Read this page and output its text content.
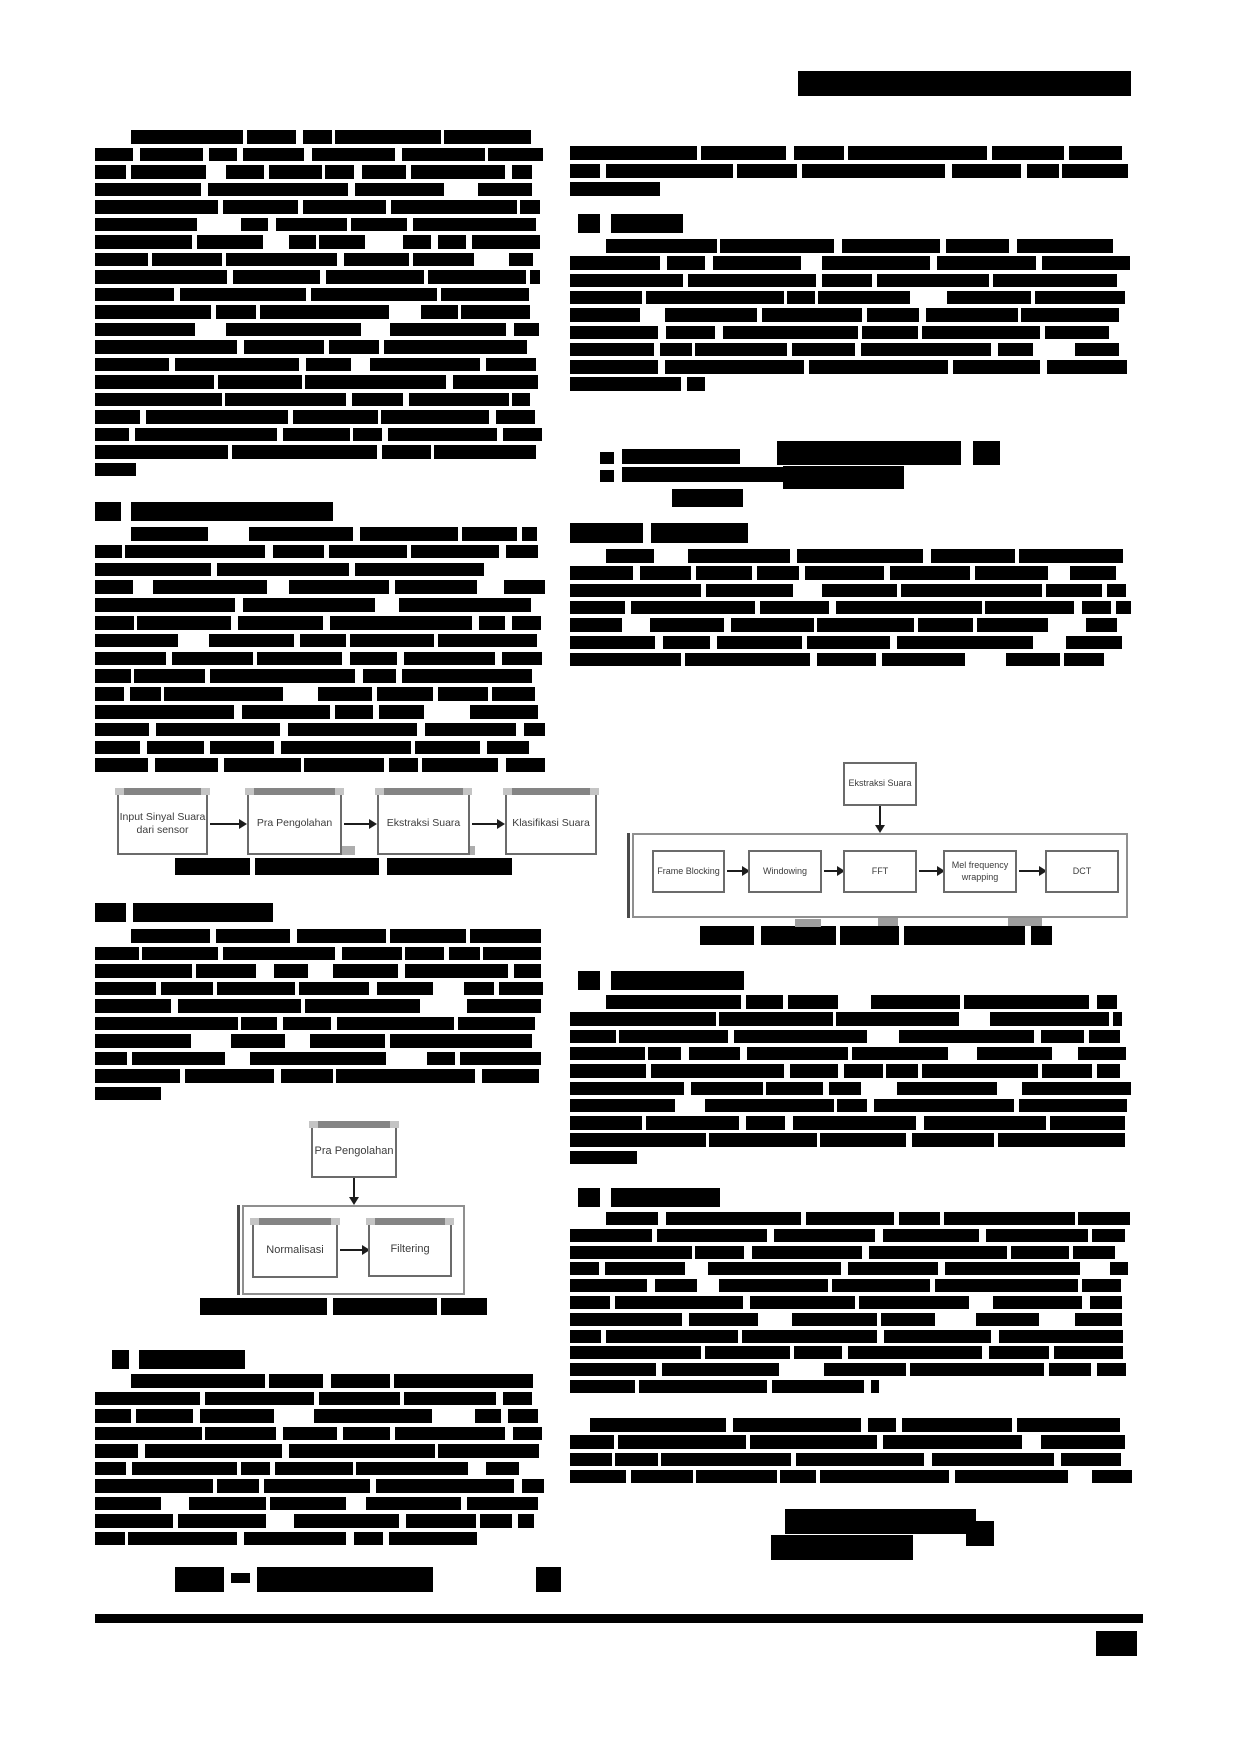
Input Sinyal Suara dari sensor
Pra Pengolahan	Ekstraksi Suara	Klasifikasi Suara
Pra Pengolahan
Normalisasi	Filtering
Ekstraksi Suara
Frame Blocking	Windowing	FFT
Mel frequency wrapping
DCT
